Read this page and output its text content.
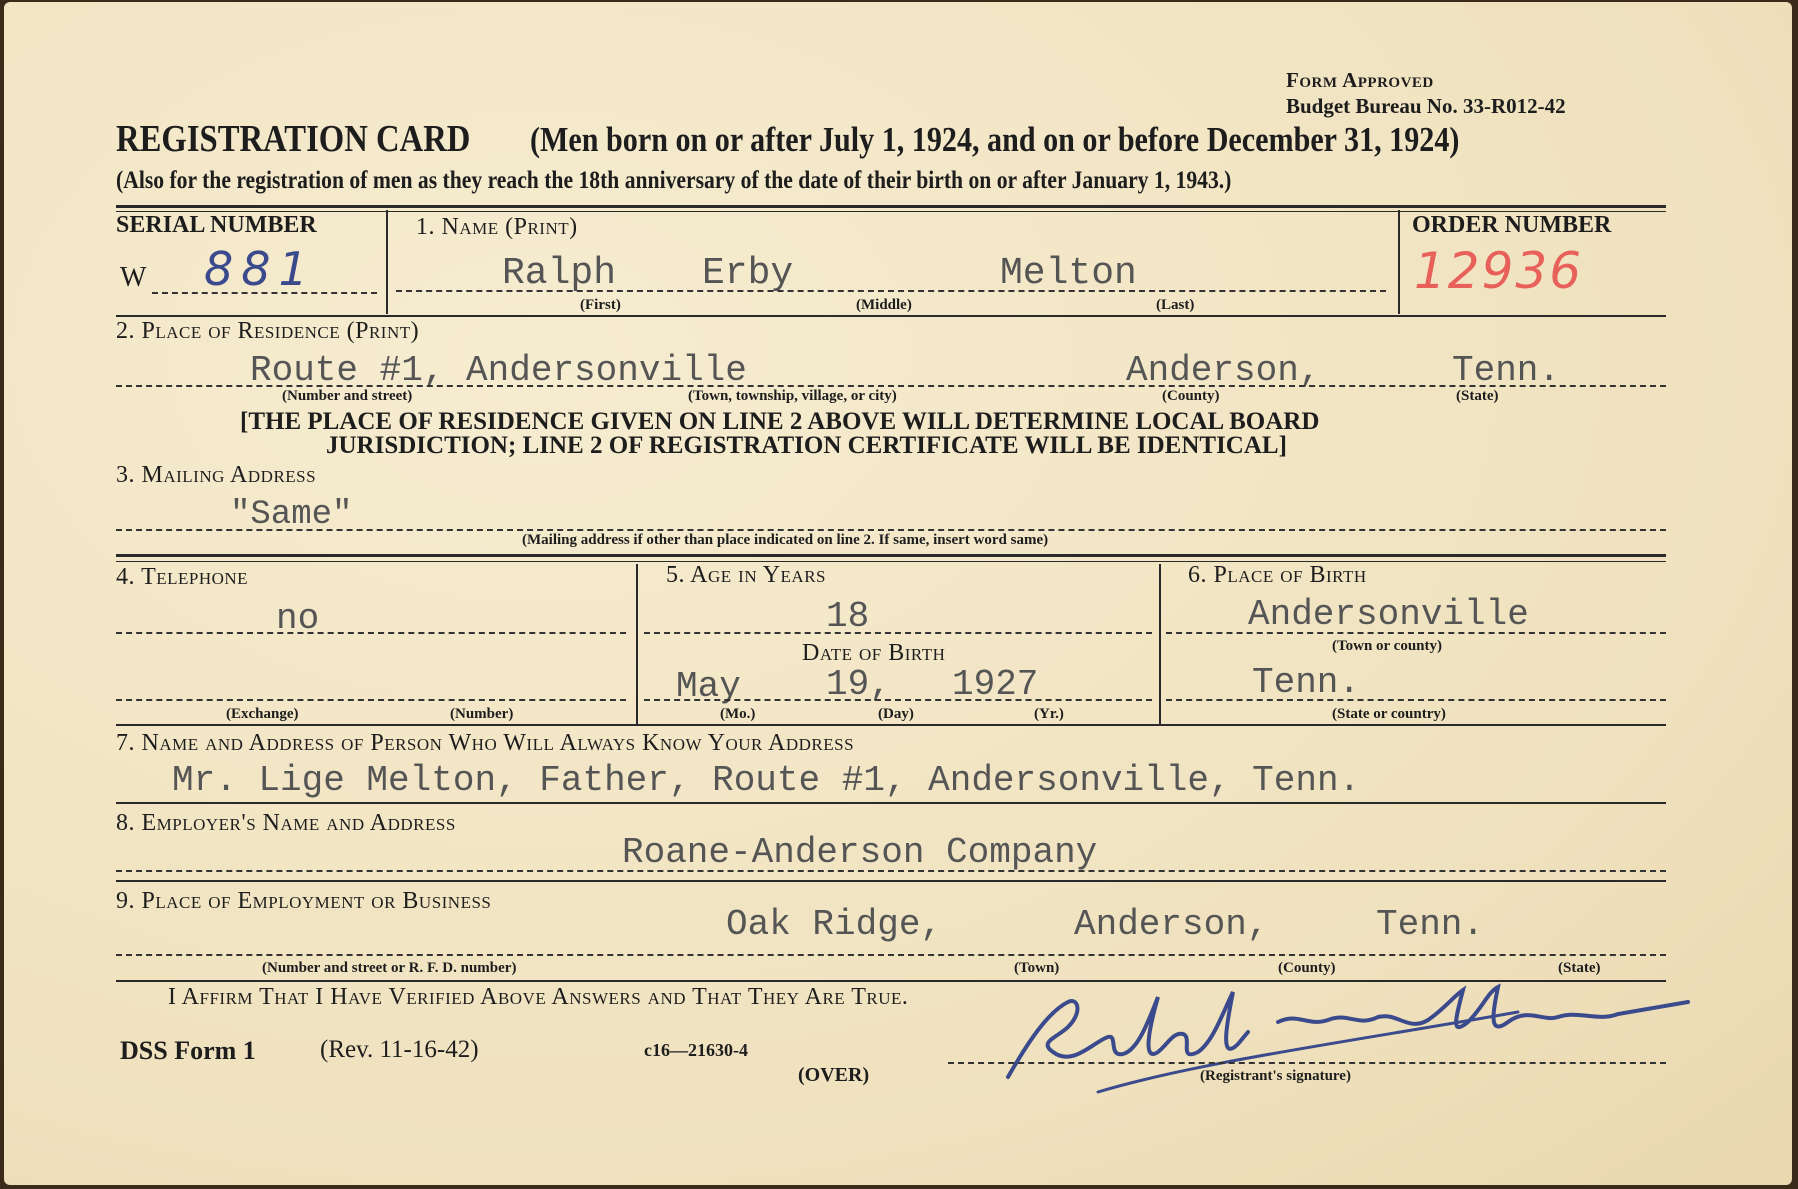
Form Approved
Budget Bureau No. 33-R012-42
REGISTRATION CARD (Men born on or after July 1, 1924, and on or before December 31, 1924)
(Also for the registration of men as they reach the 18th anniversary of the date of their birth on or after January 1, 1943.)
SERIAL NUMBER
W 881
1. Name (Print)
Ralph Erby	Melton
(First)	(Middle)	(Last)
ORDER NUMBER
12936
2. Place of Residence (Print)
Route #1, Andersonville	Anderson,	Tenn.
(Number and street)	(Town, township, village, or city)	(County)	(State)
[THE PLACE OF RESIDENCE GIVEN ON LINE 2 ABOVE WILL DETERMINE LOCAL BOARD
JURISDICTION; LINE 2 OF REGISTRATION CERTIFICATE WILL BE IDENTICAL]
3. Mailing Address
"Same"
(Mailing address if other than place indicated on line 2. If same, insert word same)
4. Telephone
no
(Exchange)	(Number)
5. Age in Years
18
Date of Birth
May 19, 1927
(Mo.)	(Day)	(Yr.)
6. Place of Birth
Andersonville
(Town or county)
Tenn.
(State or country)
7. Name and Address of Person Who Will Always Know Your Address
Mr. Lige Melton, Father, Route #1, Andersonville, Tenn.
8. Employer's Name and Address
Roane-Anderson Company
9. Place of Employment or Business
Oak Ridge,	Anderson,	Tenn.
(Number and street or R. F. D. number)	(Town)	(County)	(State)
I Affirm That I Have Verified Above Answers and That They Are True.
(Registrant's signature)
DSS Form 1	(Rev. 11-16-42)	c16—21630-4
(OVER)
